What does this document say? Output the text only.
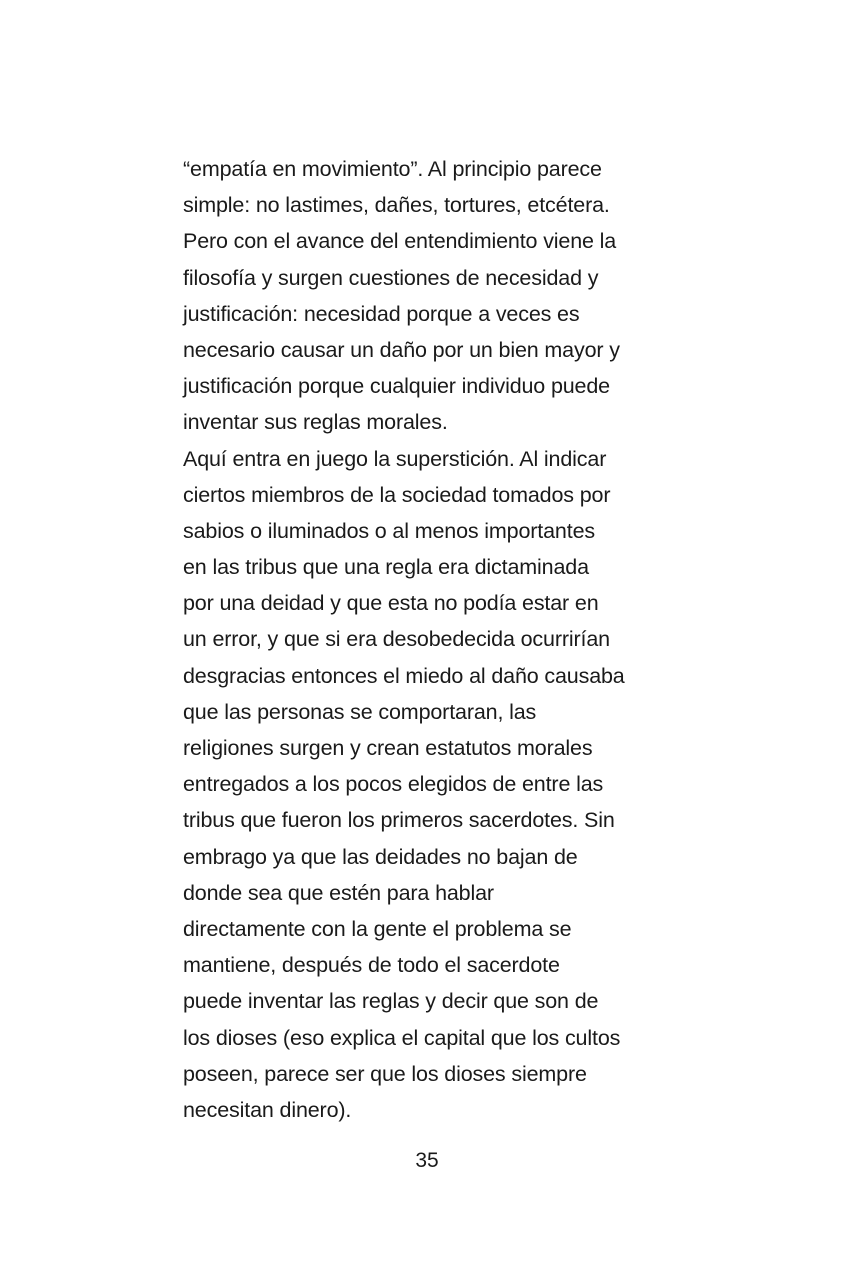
“empatía en movimiento”. Al principio parece
simple: no lastimes, dañes, tortures, etcétera.
Pero con el avance del entendimiento viene la
filosofía y surgen cuestiones de necesidad y
justificación: necesidad porque a veces es
necesario causar un daño por un bien mayor y
justificación porque cualquier individuo puede
inventar sus reglas morales.
Aquí entra en juego la superstición. Al indicar
ciertos miembros de la sociedad tomados por
sabios o iluminados o al menos importantes
en las tribus que una regla era dictaminada
por una deidad y que esta no podía estar en
un error, y que si era desobedecida ocurrirían
desgracias entonces el miedo al daño causaba
que las personas se comportaran, las
religiones surgen y crean estatutos morales
entregados a los pocos elegidos de entre las
tribus que fueron los primeros sacerdotes. Sin
embrago ya que las deidades no bajan de
donde sea que estén para hablar
directamente con la gente el problema se
mantiene, después de todo el sacerdote
puede inventar las reglas y decir que son de
los dioses (eso explica el capital que los cultos
poseen, parece ser que los dioses siempre
necesitan dinero).
35
